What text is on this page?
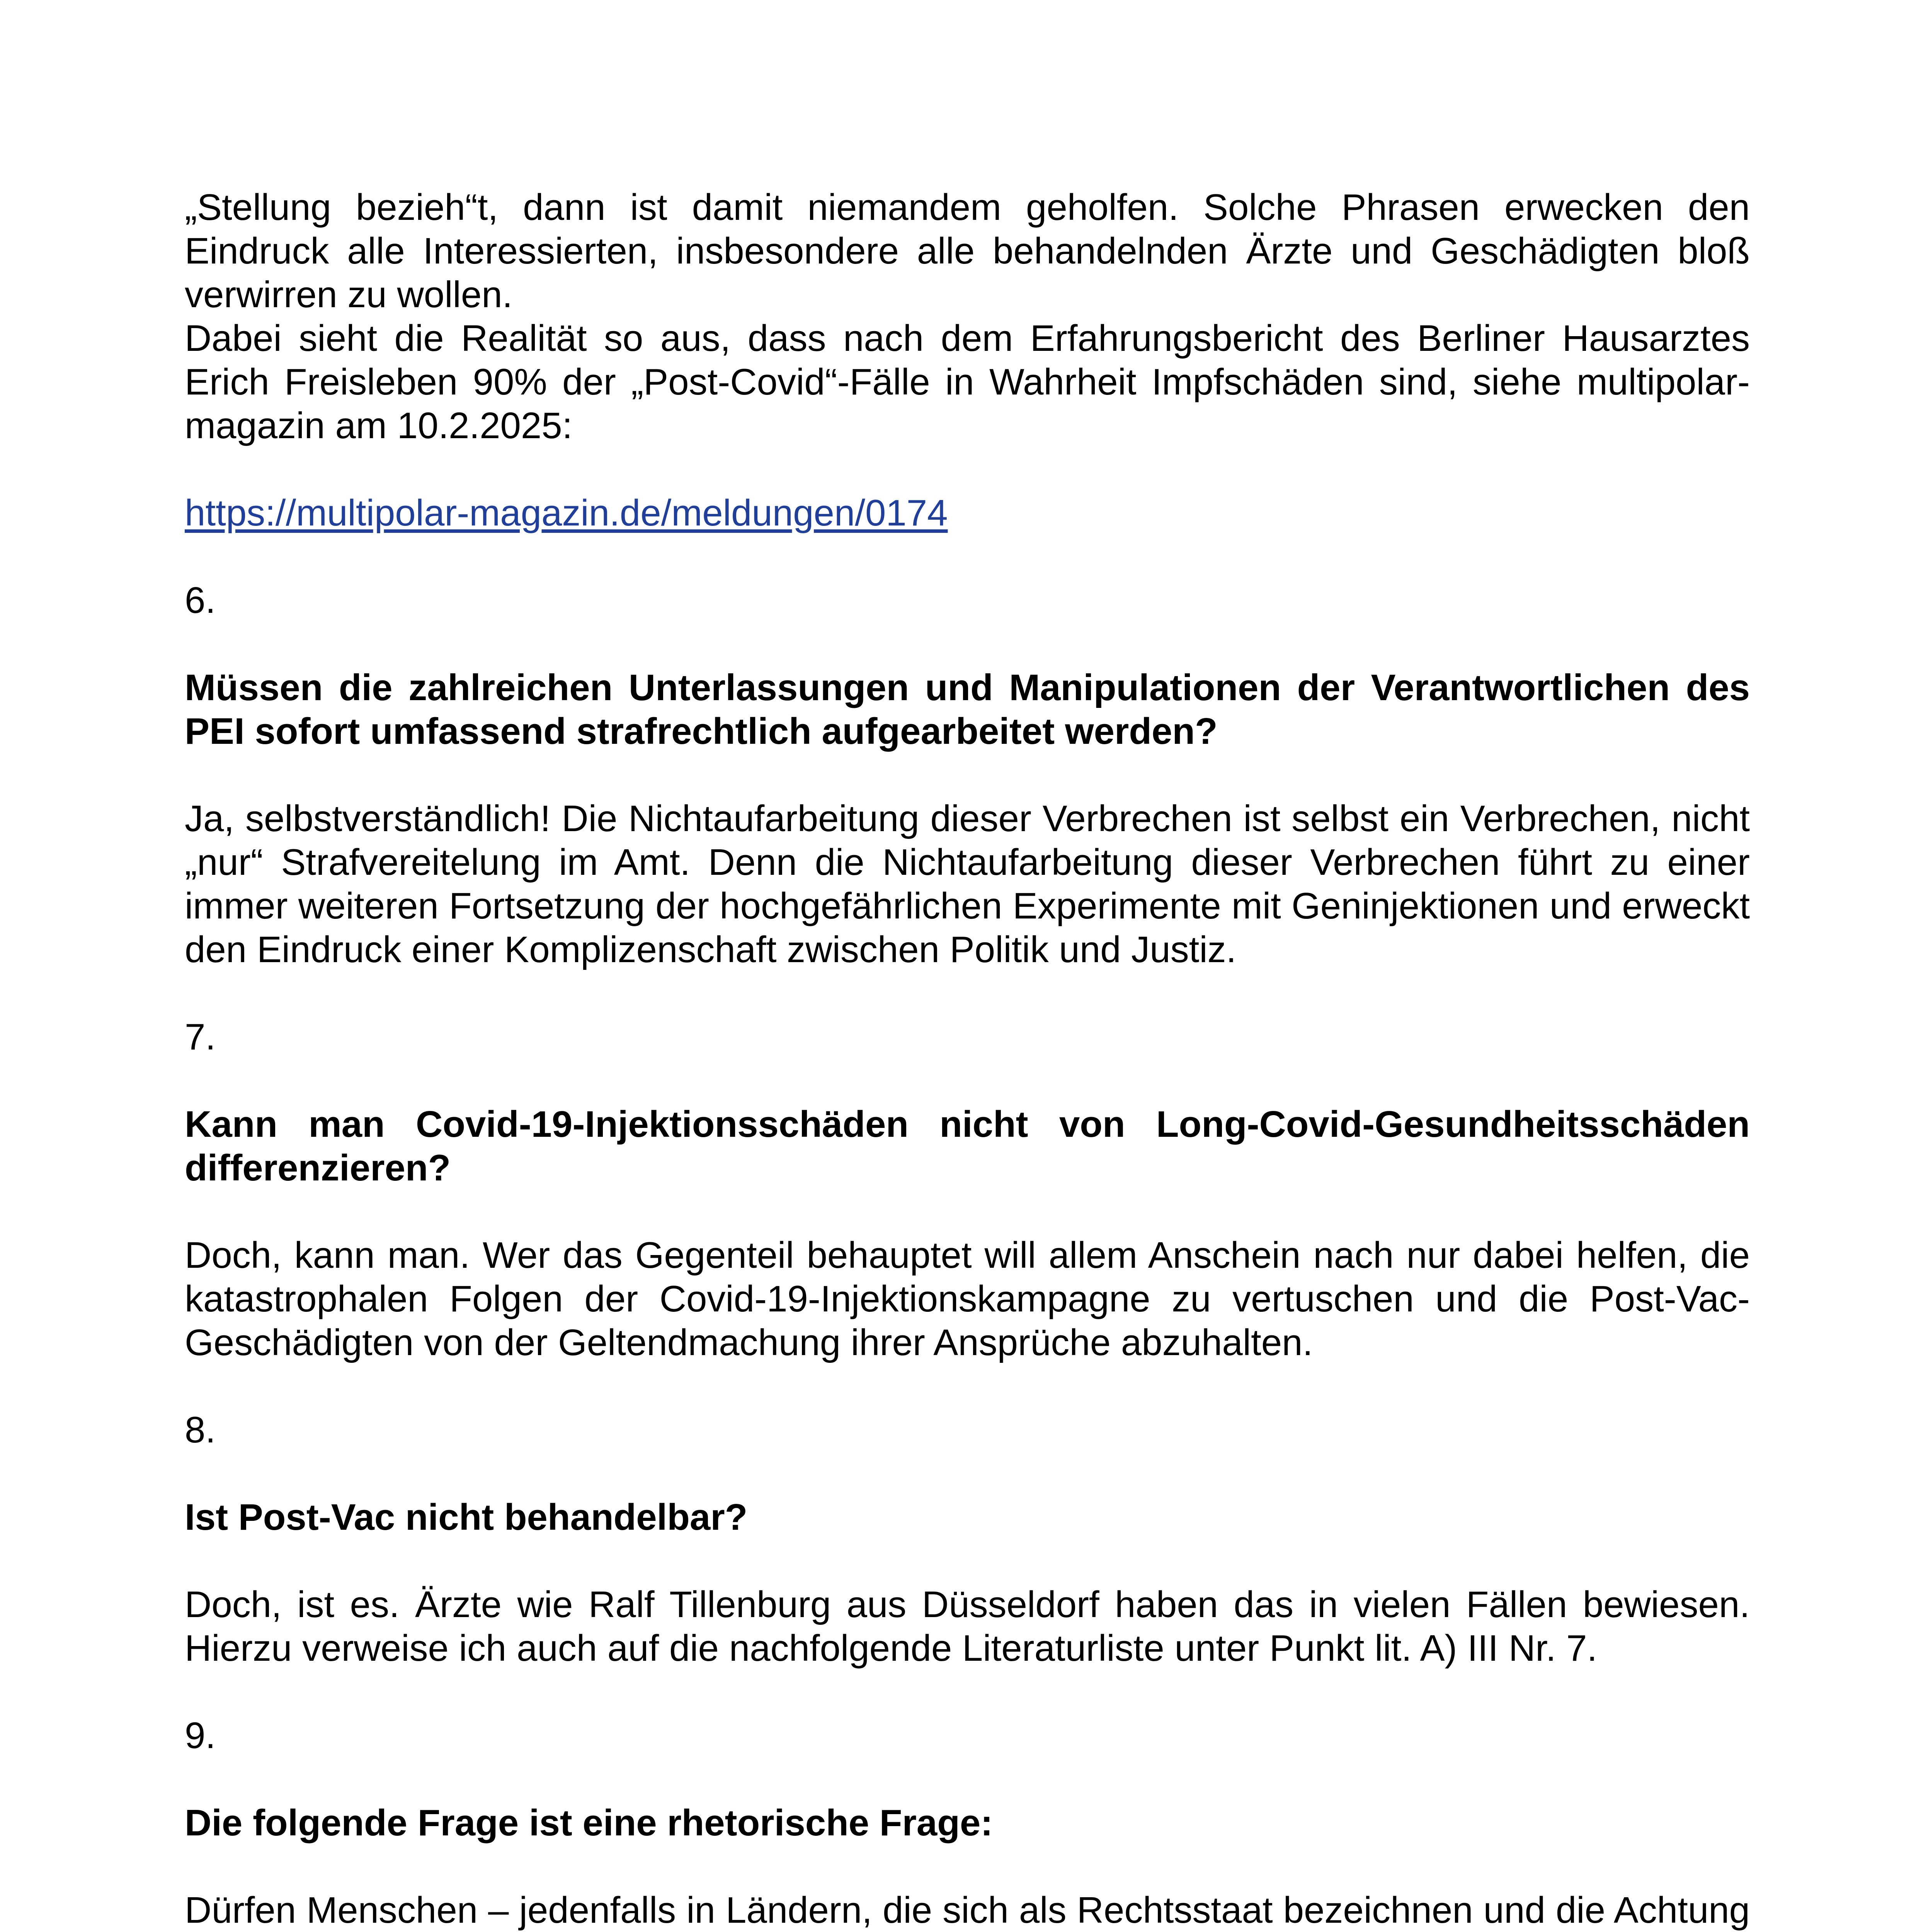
„Stellung bezieh“t, dann ist damit niemandem geholfen. Solche Phrasen erwecken den Eindruck alle Interessierten, insbesondere alle behandelnden Ärzte und Geschädigten bloß verwirren zu wollen.

Dabei sieht die Realität so aus, dass nach dem Erfahrungsbericht des Berliner Hausarztes Erich Freisleben 90% der „Post-Covid“-Fälle in Wahrheit Impfschäden sind, siehe multipolar-magazin am 10.2.2025:

https://multipolar-magazin.de/meldungen/0174

6.

Müssen die zahlreichen Unterlassungen und Manipulationen der Verantwortlichen des PEI sofort umfassend strafrechtlich aufgearbeitet werden?

Ja, selbstverständlich! Die Nichtaufarbeitung dieser Verbrechen ist selbst ein Verbrechen, nicht „nur“ Strafvereitelung im Amt. Denn die Nichtaufarbeitung dieser Verbrechen führt zu einer immer weiteren Fortsetzung der hochgefährlichen Experimente mit Geninjektionen und erweckt den Eindruck einer Komplizenschaft zwischen Politik und Justiz.

7.

Kann man Covid-19-Injektionsschäden nicht von Long-Covid-Gesundheitsschäden differenzieren?

Doch, kann man. Wer das Gegenteil behauptet will allem Anschein nach nur dabei helfen, die katastrophalen Folgen der Covid-19-Injektionskampagne zu vertuschen und die Post-Vac-Geschädigten von der Geltendmachung ihrer Ansprüche abzuhalten.

8.

Ist Post-Vac nicht behandelbar?

Doch, ist es. Ärzte wie Ralf Tillenburg aus Düsseldorf haben das in vielen Fällen bewiesen. Hierzu verweise ich auch auf die nachfolgende Literaturliste unter Punkt lit. A) III Nr. 7.

9.

Die folgende Frage ist eine rhetorische Frage:

Dürfen Menschen – jedenfalls in Ländern, die sich als Rechtsstaat bezeichnen und die Achtung
